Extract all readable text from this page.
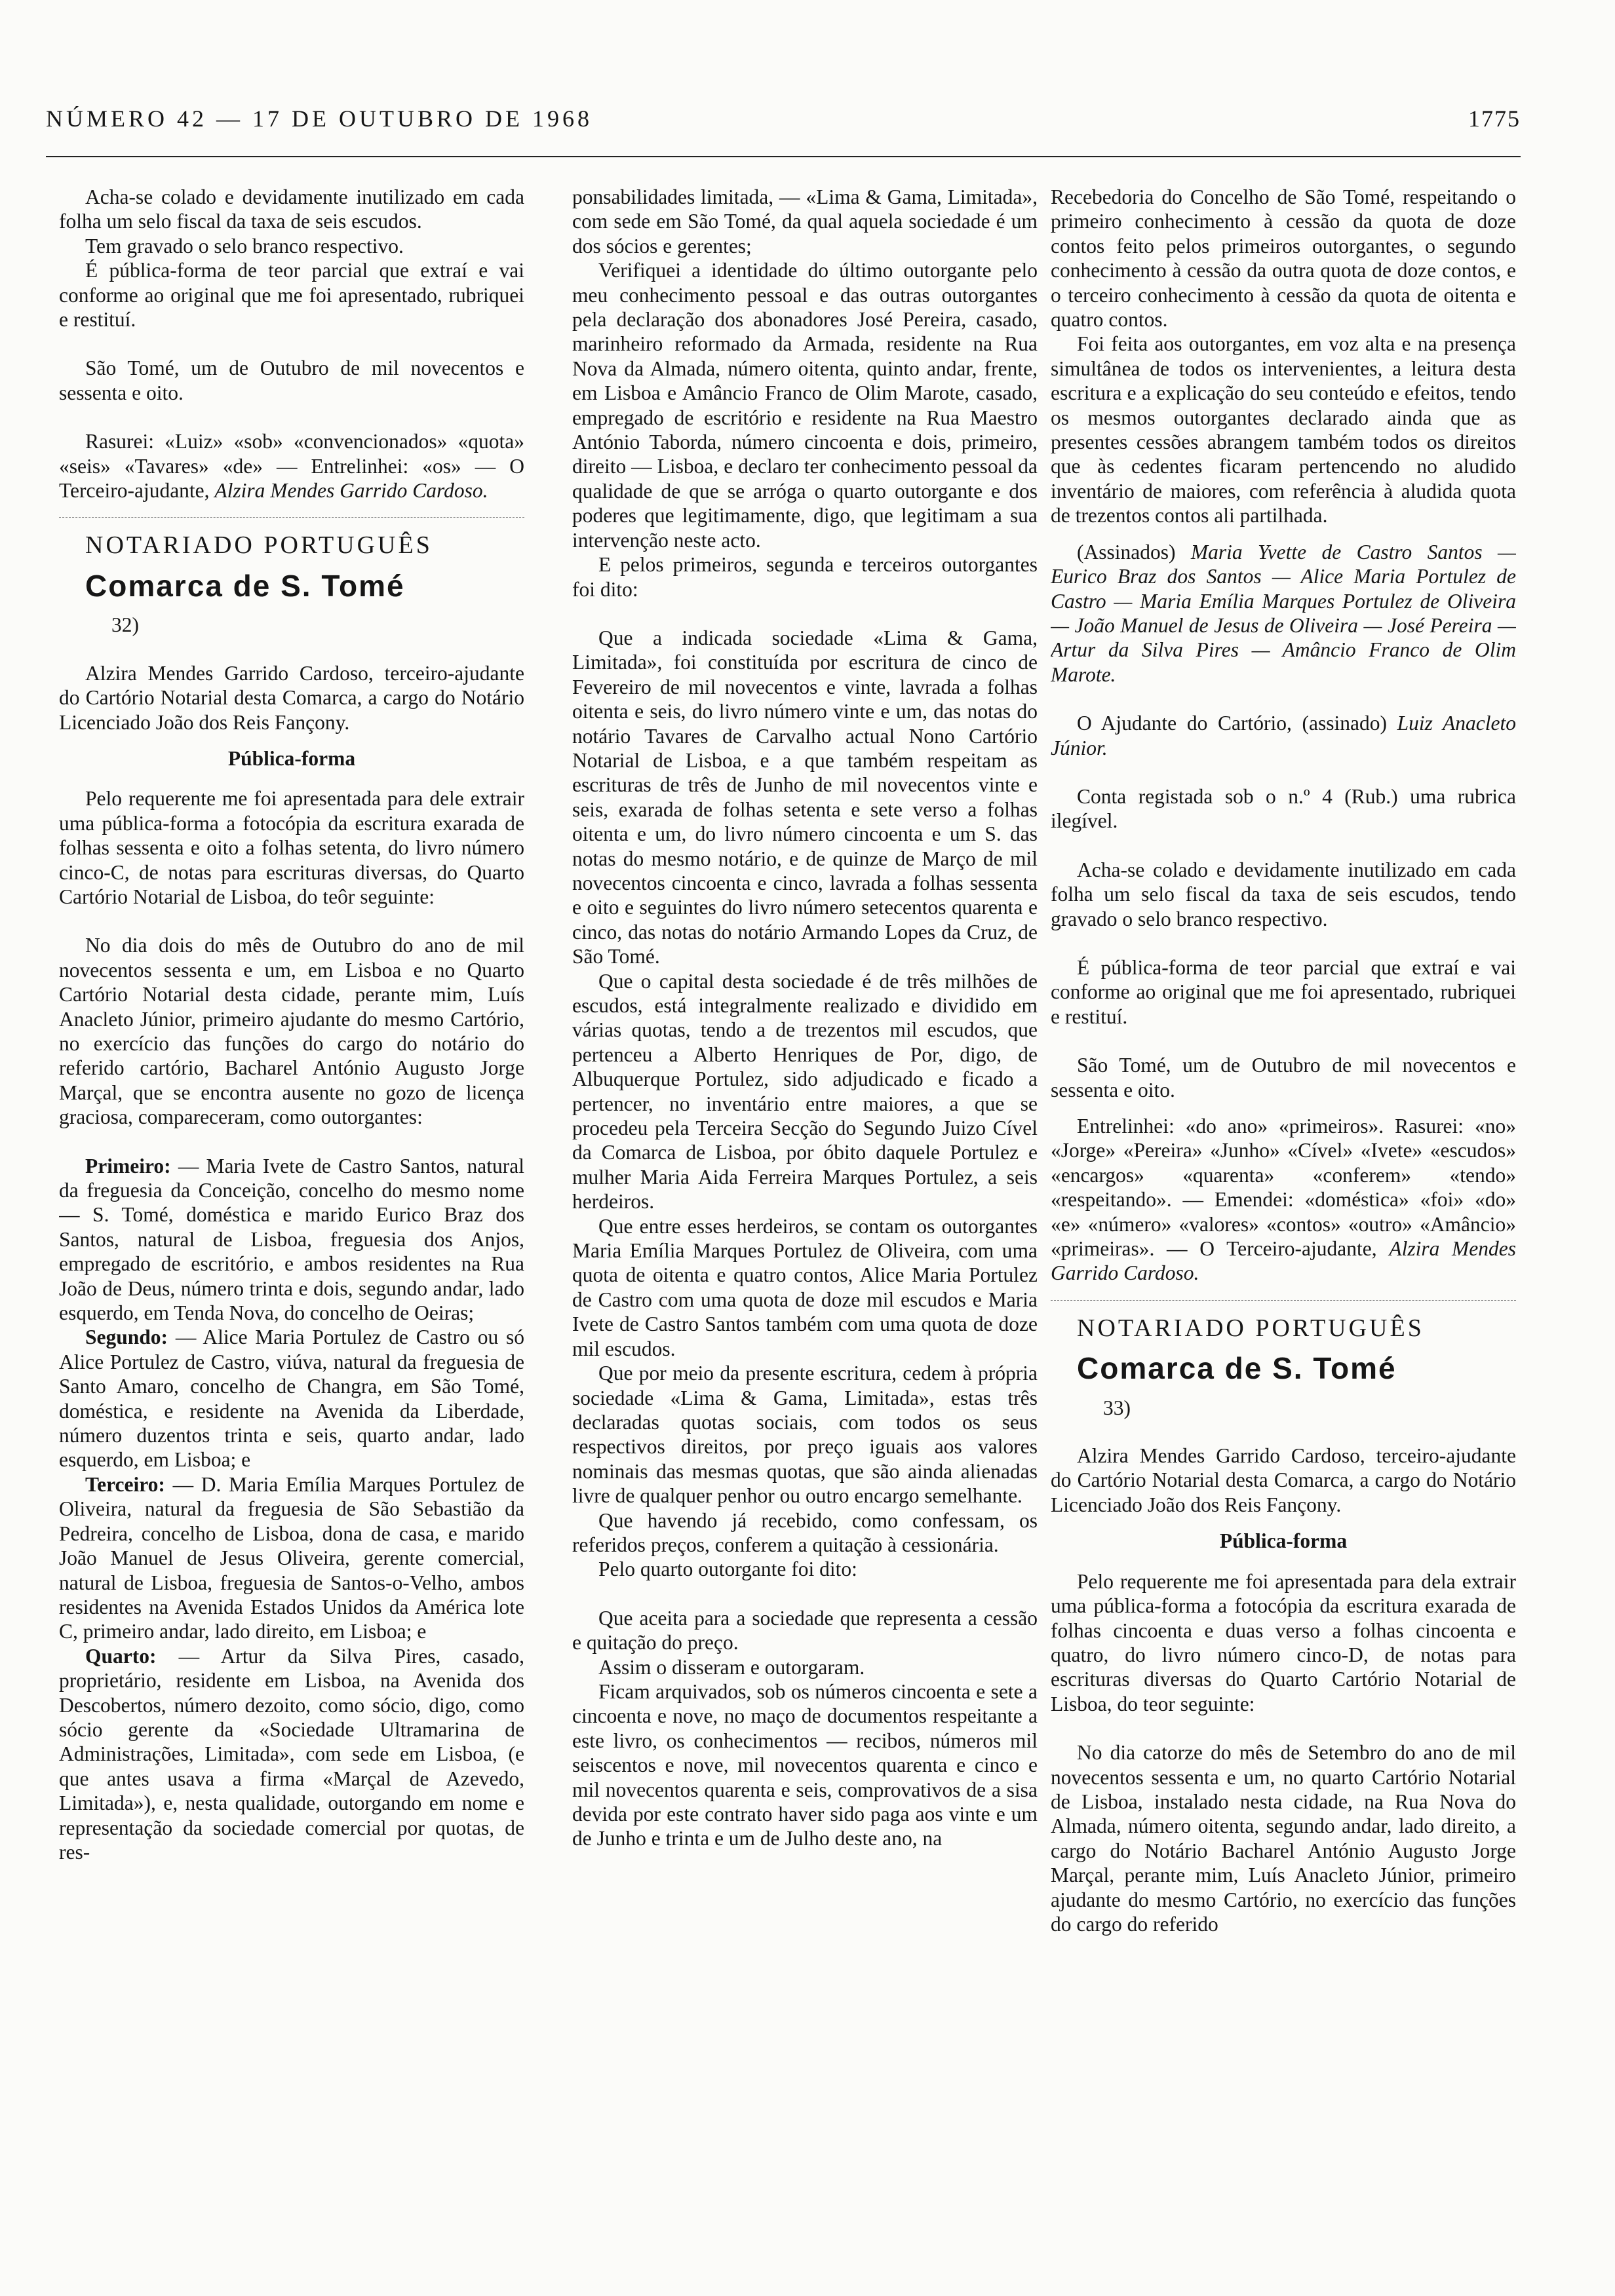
NÚMERO 42 — 17 DE OUTUBRO DE 1968	1775

Acha-se colado e devidamente inutilizado em cada folha um selo fiscal da taxa de seis escudos.

Tem gravado o selo branco respectivo.

É pública-forma de teor parcial que extraí e vai conforme ao original que me foi apresentado, rubriquei e restituí.

São Tomé, um de Outubro de mil novecentos e sessenta e oito.

Rasurei: «Luiz» «sob» «convencionados» «quota» «seis» «Tavares» «de» — Entrelinhei: «os» — O Terceiro-ajudante, Alzira Mendes Garrido Cardoso.

NOTARIADO PORTUGUÊS
Comarca de S. Tomé
32)

Alzira Mendes Garrido Cardoso, terceiro-ajudante do Cartório Notarial desta Comarca, a cargo do Notário Licenciado João dos Reis Fançony.

Pública-forma

Pelo requerente me foi apresentada para dele extrair uma pública-forma a fotocópia da escritura exarada de folhas sessenta e oito a folhas setenta, do livro número cinco-C, de notas para escrituras diversas, do Quarto Cartório Notarial de Lisboa, do teôr seguinte:

No dia dois do mês de Outubro do ano de mil novecentos sessenta e um, em Lisboa e no Quarto Cartório Notarial desta cidade, perante mim, Luís Anacleto Júnior, primeiro ajudante do mesmo Cartório, no exercício das funções do cargo do notário do referido cartório, Bacharel António Augusto Jorge Marçal, que se encontra ausente no gozo de licença graciosa, compareceram, como outorgantes:

Primeiro: — Maria Ivete de Castro Santos, natural da freguesia da Conceição, concelho do mesmo nome — S. Tomé, doméstica e marido Eurico Braz dos Santos, natural de Lisboa, freguesia dos Anjos, empregado de escritório, e ambos residentes na Rua João de Deus, número trinta e dois, segundo andar, lado esquerdo, em Tenda Nova, do concelho de Oeiras;

Segundo: — Alice Maria Portulez de Castro ou só Alice Portulez de Castro, viúva, natural da freguesia de Santo Amaro, concelho de Changra, em São Tomé, doméstica, e residente na Avenida da Liberdade, número duzentos trinta e seis, quarto andar, lado esquerdo, em Lisboa; e

Terceiro: — D. Maria Emília Marques Portulez de Oliveira, natural da freguesia de São Sebastião da Pedreira, concelho de Lisboa, dona de casa, e marido João Manuel de Jesus Oliveira, gerente comercial, natural de Lisboa, freguesia de Santos-o-Velho, ambos residentes na Avenida Estados Unidos da América lote C, primeiro andar, lado direito, em Lisboa; e

Quarto: — Artur da Silva Pires, casado, proprietário, residente em Lisboa, na Avenida dos Descobertos, número dezoito, como sócio, digo, como sócio gerente da «Sociedade Ultramarina de Administrações, Limitada», com sede em Lisboa, (e que antes usava a firma «Marçal de Azevedo, Limitada»), e, nesta qualidade, outorgando em nome e representação da sociedade comercial por quotas, de res-

ponsabilidades limitada, — «Lima & Gama, Limitada», com sede em São Tomé, da qual aquela sociedade é um dos sócios e gerentes;

Verifiquei a identidade do último outorgante pelo meu conhecimento pessoal e das outras outorgantes pela declaração dos abonadores José Pereira, casado, marinheiro reformado da Armada, residente na Rua Nova da Almada, número oitenta, quinto andar, frente, em Lisboa e Amâncio Franco de Olim Marote, casado, empregado de escritório e residente na Rua Maestro António Taborda, número cincoenta e dois, primeiro, direito — Lisboa, e declaro ter conhecimento pessoal da qualidade de que se arróga o quarto outorgante e dos poderes que legitimamente, digo, que legitimam a sua intervenção neste acto.

E pelos primeiros, segunda e terceiros outorgantes foi dito:

Que a indicada sociedade «Lima & Gama, Limitada», foi constituída por escritura de cinco de Fevereiro de mil novecentos e vinte, lavrada a folhas oitenta e seis, do livro número vinte e um, das notas do notário Tavares de Carvalho actual Nono Cartório Notarial de Lisboa, e a que também respeitam as escrituras de três de Junho de mil novecentos vinte e seis, exarada de folhas setenta e sete verso a folhas oitenta e um, do livro número cincoenta e um S. das notas do mesmo notário, e de quinze de Março de mil novecentos cincoenta e cinco, lavrada a folhas sessenta e oito e seguintes do livro número setecentos quarenta e cinco, das notas do notário Armando Lopes da Cruz, de São Tomé.

Que o capital desta sociedade é de três milhões de escudos, está integralmente realizado e dividido em várias quotas, tendo a de trezentos mil escudos, que pertenceu a Alberto Henriques de Por, digo, de Albuquerque Portulez, sido adjudicado e ficado a pertencer, no inventário entre maiores, a que se procedeu pela Terceira Secção do Segundo Juizo Cível da Comarca de Lisboa, por óbito daquele Portulez e mulher Maria Aida Ferreira Marques Portulez, a seis herdeiros.

Que entre esses herdeiros, se contam os outorgantes Maria Emília Marques Portulez de Oliveira, com uma quota de oitenta e quatro contos, Alice Maria Portulez de Castro com uma quota de doze mil escudos e Maria Ivete de Castro Santos também com uma quota de doze mil escudos.

Que por meio da presente escritura, cedem à própria sociedade «Lima & Gama, Limitada», estas três declaradas quotas sociais, com todos os seus respectivos direitos, por preço iguais aos valores nominais das mesmas quotas, que são ainda alienadas livre de qualquer penhor ou outro encargo semelhante.

Que havendo já recebido, como confessam, os referidos preços, conferem a quitação à cessionária.

Pelo quarto outorgante foi dito:

Que aceita para a sociedade que representa a cessão e quitação do preço.

Assim o disseram e outorgaram.

Ficam arquivados, sob os números cincoenta e sete a cincoenta e nove, no maço de documentos respeitante a este livro, os conhecimentos — recibos, números mil seiscentos e nove, mil novecentos quarenta e cinco e mil novecentos quarenta e seis, comprovativos de a sisa devida por este contrato haver sido paga aos vinte e um de Junho e trinta e um de Julho deste ano, na

Recebedoria do Concelho de São Tomé, respeitando o primeiro conhecimento à cessão da quota de doze contos feito pelos primeiros outorgantes, o segundo conhecimento à cessão da outra quota de doze contos, e o terceiro conhecimento à cessão da quota de oitenta e quatro contos.

Foi feita aos outorgantes, em voz alta e na presença simultânea de todos os intervenientes, a leitura desta escritura e a explicação do seu conteúdo e efeitos, tendo os mesmos outorgantes declarado ainda que as presentes cessões abrangem também todos os direitos que às cedentes ficaram pertencendo no aludido inventário de maiores, com referência à aludida quota de trezentos contos ali partilhada.

(Assinados) Maria Yvette de Castro Santos — Eurico Braz dos Santos — Alice Maria Portulez de Castro — Maria Emília Marques Portulez de Oliveira — João Manuel de Jesus de Oliveira — José Pereira — Artur da Silva Pires — Amâncio Franco de Olim Marote.

O Ajudante do Cartório, (assinado) Luiz Anacleto Júnior.

Conta registada sob o n.º 4 (Rub.) uma rubrica ilegível.

Acha-se colado e devidamente inutilizado em cada folha um selo fiscal da taxa de seis escudos, tendo gravado o selo branco respectivo.

É pública-forma de teor parcial que extraí e vai conforme ao original que me foi apresentado, rubriquei e restituí.

São Tomé, um de Outubro de mil novecentos e sessenta e oito.

Entrelinhei: «do ano» «primeiros». Rasurei: «no» «Jorge» «Pereira» «Junho» «Cível» «Ivete» «escudos» «encargos» «quarenta» «conferem» «tendo» «respeitando». — Emendei: «doméstica» «foi» «do» «e» «número» «valores» «contos» «outro» «Amâncio» «primeiras». — O Terceiro-ajudante, Alzira Mendes Garrido Cardoso.

NOTARIADO PORTUGUÊS
Comarca de S. Tomé
33)

Alzira Mendes Garrido Cardoso, terceiro-ajudante do Cartório Notarial desta Comarca, a cargo do Notário Licenciado João dos Reis Fançony.

Pública-forma

Pelo requerente me foi apresentada para dela extrair uma pública-forma a fotocópia da escritura exarada de folhas cincoenta e duas verso a folhas cincoenta e quatro, do livro número cinco-D, de notas para escrituras diversas do Quarto Cartório Notarial de Lisboa, do teor seguinte:

No dia catorze do mês de Setembro do ano de mil novecentos sessenta e um, no quarto Cartório Notarial de Lisboa, instalado nesta cidade, na Rua Nova do Almada, número oitenta, segundo andar, lado direito, a cargo do Notário Bacharel António Augusto Jorge Marçal, perante mim, Luís Anacleto Júnior, primeiro ajudante do mesmo Cartório, no exercício das funções do cargo do referido
